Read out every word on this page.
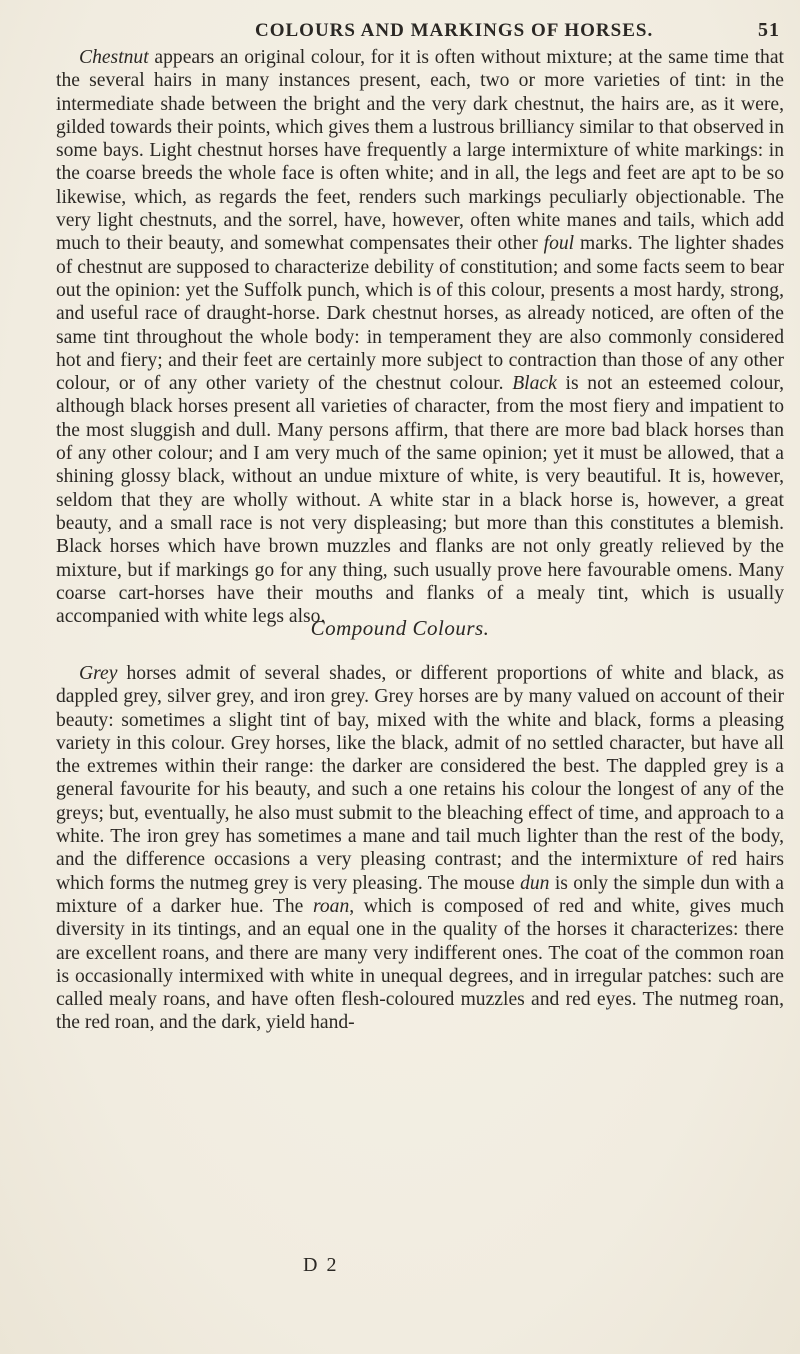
COLOURS AND MARKINGS OF HORSES.	51

Chestnut appears an original colour, for it is often without mixture; at the same time that the several hairs in many instances present, each, two or more varieties of tint: in the intermediate shade between the bright and the very dark chestnut, the hairs are, as it were, gilded towards their points, which gives them a lustrous brilliancy similar to that observed in some bays. Light chestnut horses have frequently a large intermixture of white markings: in the coarse breeds the whole face is often white; and in all, the legs and feet are apt to be so likewise, which, as regards the feet, renders such markings peculiarly objectionable. The very light chestnuts, and the sorrel, have, however, often white manes and tails, which add much to their beauty, and somewhat compensates their other foul marks. The lighter shades of chestnut are supposed to characterize debility of constitution; and some facts seem to bear out the opinion: yet the Suffolk punch, which is of this colour, presents a most hardy, strong, and useful race of draught-horse. Dark chestnut horses, as already noticed, are often of the same tint throughout the whole body: in temperament they are also commonly considered hot and fiery; and their feet are certainly more subject to contraction than those of any other colour, or of any other variety of the chestnut colour. Black is not an esteemed colour, although black horses present all varieties of character, from the most fiery and impatient to the most sluggish and dull. Many persons affirm, that there are more bad black horses than of any other colour; and I am very much of the same opinion; yet it must be allowed, that a shining glossy black, without an undue mixture of white, is very beautiful. It is, however, seldom that they are wholly without. A white star in a black horse is, however, a great beauty, and a small race is not very displeasing; but more than this constitutes a blemish. Black horses which have brown muzzles and flanks are not only greatly relieved by the mixture, but if markings go for any thing, such usually prove here favourable omens. Many coarse cart-horses have their mouths and flanks of a mealy tint, which is usually accompanied with white legs also.

Compound Colours.

Grey horses admit of several shades, or different proportions of white and black, as dappled grey, silver grey, and iron grey. Grey horses are by many valued on account of their beauty: sometimes a slight tint of bay, mixed with the white and black, forms a pleasing variety in this colour. Grey horses, like the black, admit of no settled character, but have all the extremes within their range: the darker are considered the best. The dappled grey is a general favourite for his beauty, and such a one retains his colour the longest of any of the greys; but, eventually, he also must submit to the bleaching effect of time, and approach to a white. The iron grey has sometimes a mane and tail much lighter than the rest of the body, and the difference occasions a very pleasing contrast; and the intermixture of red hairs which forms the nutmeg grey is very pleasing. The mouse dun is only the simple dun with a mixture of a darker hue. The roan, which is composed of red and white, gives much diversity in its tintings, and an equal one in the quality of the horses it characterizes: there are excellent roans, and there are many very indifferent ones. The coat of the common roan is occasionally intermixed with white in unequal degrees, and in irregular patches: such are called mealy roans, and have often flesh-coloured muzzles and red eyes. The nutmeg roan, the red roan, and the dark, yield hand-

D 2
